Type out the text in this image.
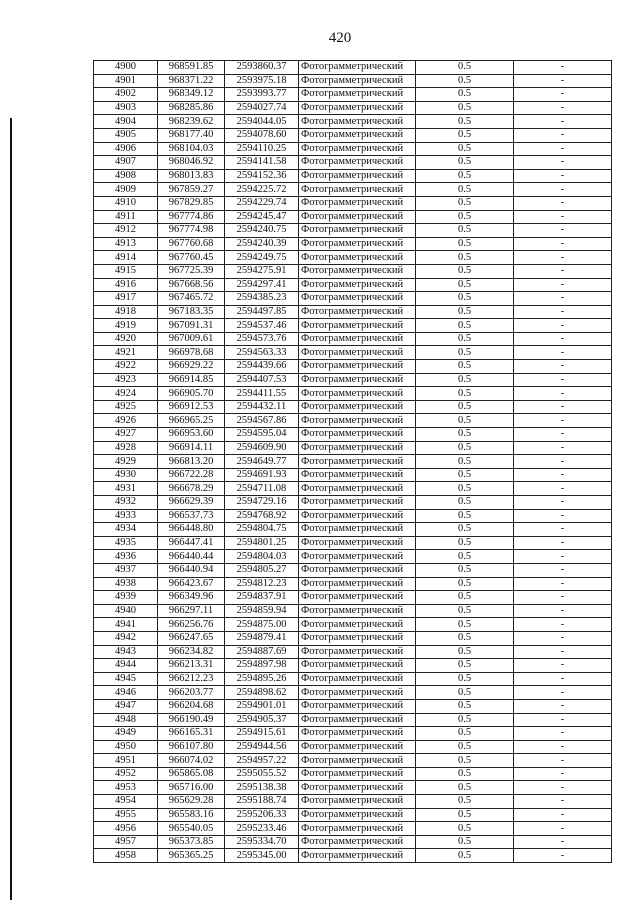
420
4900	968591.85	2593860.37	Фотограмметрический	0.5	-
4901	968371.22	2593975.18	Фотограмметрический	0.5	-
4902	968349.12	2593993.77	Фотограмметрический	0.5	-
4903	968285.86	2594027.74	Фотограмметрический	0.5	-
4904	968239.62	2594044.05	Фотограмметрический	0.5	-
4905	968177.40	2594078.60	Фотограмметрический	0.5	-
4906	968104.03	2594110.25	Фотограмметрический	0.5	-
4907	968046.92	2594141.58	Фотограмметрический	0.5	-
4908	968013.83	2594152.36	Фотограмметрический	0.5	-
4909	967859.27	2594225.72	Фотограмметрический	0.5	-
4910	967829.85	2594229.74	Фотограмметрический	0.5	-
4911	967774.86	2594245.47	Фотограмметрический	0.5	-
4912	967774.98	2594240.75	Фотограмметрический	0.5	-
4913	967760.68	2594240.39	Фотограмметрический	0.5	-
4914	967760.45	2594249.75	Фотограмметрический	0.5	-
4915	967725.39	2594275.91	Фотограмметрический	0.5	-
4916	967668.56	2594297.41	Фотограмметрический	0.5	-
4917	967465.72	2594385.23	Фотограмметрический	0.5	-
4918	967183.35	2594497.85	Фотограмметрический	0.5	-
4919	967091.31	2594537.46	Фотограмметрический	0.5	-
4920	967009.61	2594573.76	Фотограмметрический	0.5	-
4921	966978.68	2594563.33	Фотограмметрический	0.5	-
4922	966929.22	2594439.66	Фотограмметрический	0.5	-
4923	966914.85	2594407.53	Фотограмметрический	0.5	-
4924	966905.70	2594411.55	Фотограмметрический	0.5	-
4925	966912.53	2594432.11	Фотограмметрический	0.5	-
4926	966965.25	2594567.86	Фотограмметрический	0.5	-
4927	966953.60	2594595.04	Фотограмметрический	0.5	-
4928	966914.11	2594609.90	Фотограмметрический	0.5	-
4929	966813.20	2594649.77	Фотограмметрический	0.5	-
4930	966722.28	2594691.93	Фотограмметрический	0.5	-
4931	966678.29	2594711.08	Фотограмметрический	0.5	-
4932	966629.39	2594729.16	Фотограмметрический	0.5	-
4933	966537.73	2594768.92	Фотограмметрический	0.5	-
4934	966448.80	2594804.75	Фотограмметрический	0.5	-
4935	966447.41	2594801.25	Фотограмметрический	0.5	-
4936	966440.44	2594804.03	Фотограмметрический	0.5	-
4937	966440.94	2594805.27	Фотограмметрический	0.5	-
4938	966423.67	2594812.23	Фотограмметрический	0.5	-
4939	966349.96	2594837.91	Фотограмметрический	0.5	-
4940	966297.11	2594859.94	Фотограмметрический	0.5	-
4941	966256.76	2594875.00	Фотограмметрический	0.5	-
4942	966247.65	2594879.41	Фотограмметрический	0.5	-
4943	966234.82	2594887.69	Фотограмметрический	0.5	-
4944	966213.31	2594897.98	Фотограмметрический	0.5	-
4945	966212.23	2594895.26	Фотограмметрический	0.5	-
4946	966203.77	2594898.62	Фотограмметрический	0.5	-
4947	966204.68	2594901.01	Фотограмметрический	0.5	-
4948	966190.49	2594905.37	Фотограмметрический	0.5	-
4949	966165.31	2594915.61	Фотограмметрический	0.5	-
4950	966107.80	2594944.56	Фотограмметрический	0.5	-
4951	966074.02	2594957.22	Фотограмметрический	0.5	-
4952	965865.08	2595055.52	Фотограмметрический	0.5	-
4953	965716.00	2595138.38	Фотограмметрический	0.5	-
4954	965629.28	2595188.74	Фотограмметрический	0.5	-
4955	965583.16	2595206.33	Фотограмметрический	0.5	-
4956	965540.05	2595233.46	Фотограмметрический	0.5	-
4957	965373.85	2595334.70	Фотограмметрический	0.5	-
4958	965365.25	2595345.00	Фотограмметрический	0.5	-
